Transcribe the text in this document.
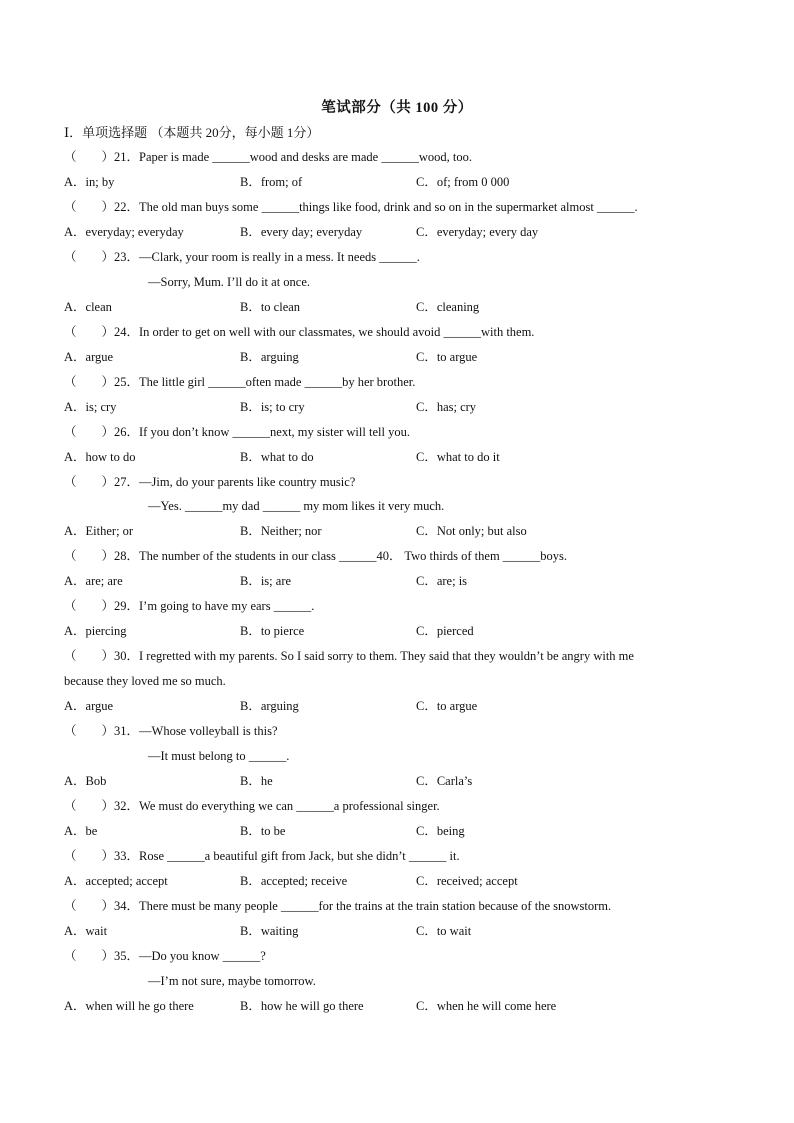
笔试部分（共 100 分）
Ⅰ．单项选择题 （本题共 20分，每小题 1分）
（　　）21．Paper is made ______wood and desks are made ______wood, too.
A．in; by	B．from; of	C．of; from 0 000
（　　）22．The old man buys some ______things like food, drink and so on in the supermarket almost ______.
A．everyday; everyday	B．every day; everyday	C．everyday; every day
（　　）23．—Clark, your room is really in a mess. It needs ______.
—Sorry, Mum. I’ll do it at once.
A．clean	B．to clean	C．cleaning
（　　）24．In order to get on well with our classmates, we should avoid ______with them.
A．argue	B．arguing	C．to argue
（　　）25．The little girl ______often made ______by her brother.
A．is; cry	B．is; to cry	C．has; cry
（　　）26．If you don’t know ______next, my sister will tell you.
A．how to do	B．what to do	C．what to do it
（　　）27．—Jim, do your parents like country music?
—Yes. ______my dad ______ my mom likes it very much.
A．Either; or	B．Neither; nor	C．Not only; but also
（　　）28．The number of the students in our class ______40． Two thirds of them ______boys.
A．are; are	B．is; are	C．are; is
（　　）29．I’m going to have my ears ______.
A．piercing	B．to pierce	C．pierced
（　　）30．I regretted with my parents. So I said sorry to them. They said that they wouldn’t be angry with me
because they loved me so much.
A．argue	B．arguing	C．to argue
（　　）31．—Whose volleyball is this?
—It must belong to ______.
A．Bob	B．he	C．Carla’s
（　　）32．We must do everything we can ______a professional singer.
A．be	B．to be	C．being
（　　）33．Rose ______a beautiful gift from Jack, but she didn’t ______ it.
A．accepted; accept	B．accepted; receive	C．received; accept
（　　）34．There must be many people ______for the trains at the train station because of the snowstorm.
A．wait	B．waiting	C．to wait
（　　）35．—Do you know ______?
—I’m not sure, maybe tomorrow.
A．when will he go there	B．how he will go there	C．when he will come here
